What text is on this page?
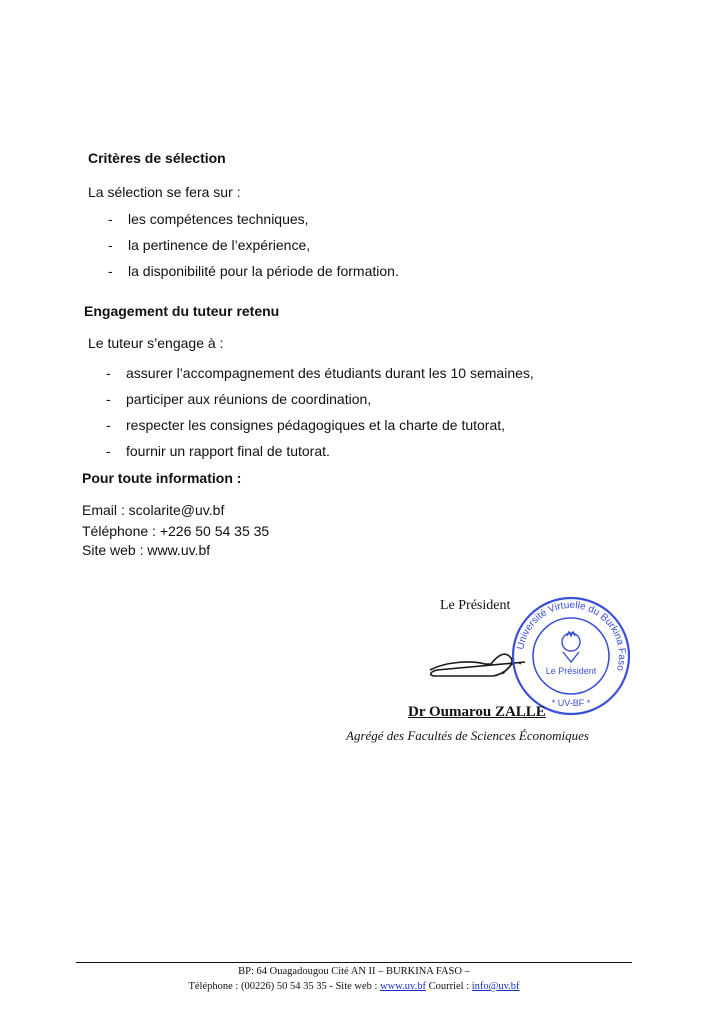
Critères de sélection
La sélection se fera sur :
- les compétences techniques,
- la pertinence de l’expérience,
- la disponibilité pour la période de formation.
Engagement du tuteur retenu
Le tuteur s’engage à :
- assurer l’accompagnement des étudiants durant les 10 semaines,
- participer aux réunions de coordination,
- respecter les consignes pédagogiques et la charte de tutorat,
- fournir un rapport final de tutorat.
Pour toute information :
Email : scolarite@uv.bf
Téléphone : +226 50 54 35 35
Site web : www.uv.bf
Le Président
Université Virtuelle du Burkina Faso
Le Président
* UV-BF *
Dr Oumarou ZALLE
Agrégé des Facultés de Sciences Économiques
BP: 64 Ouagadougou Cité AN II – BURKINA FASO –
Téléphone : (00226) 50 54 35 35 - Site web : www.uv.bf Courriel : info@uv.bf
